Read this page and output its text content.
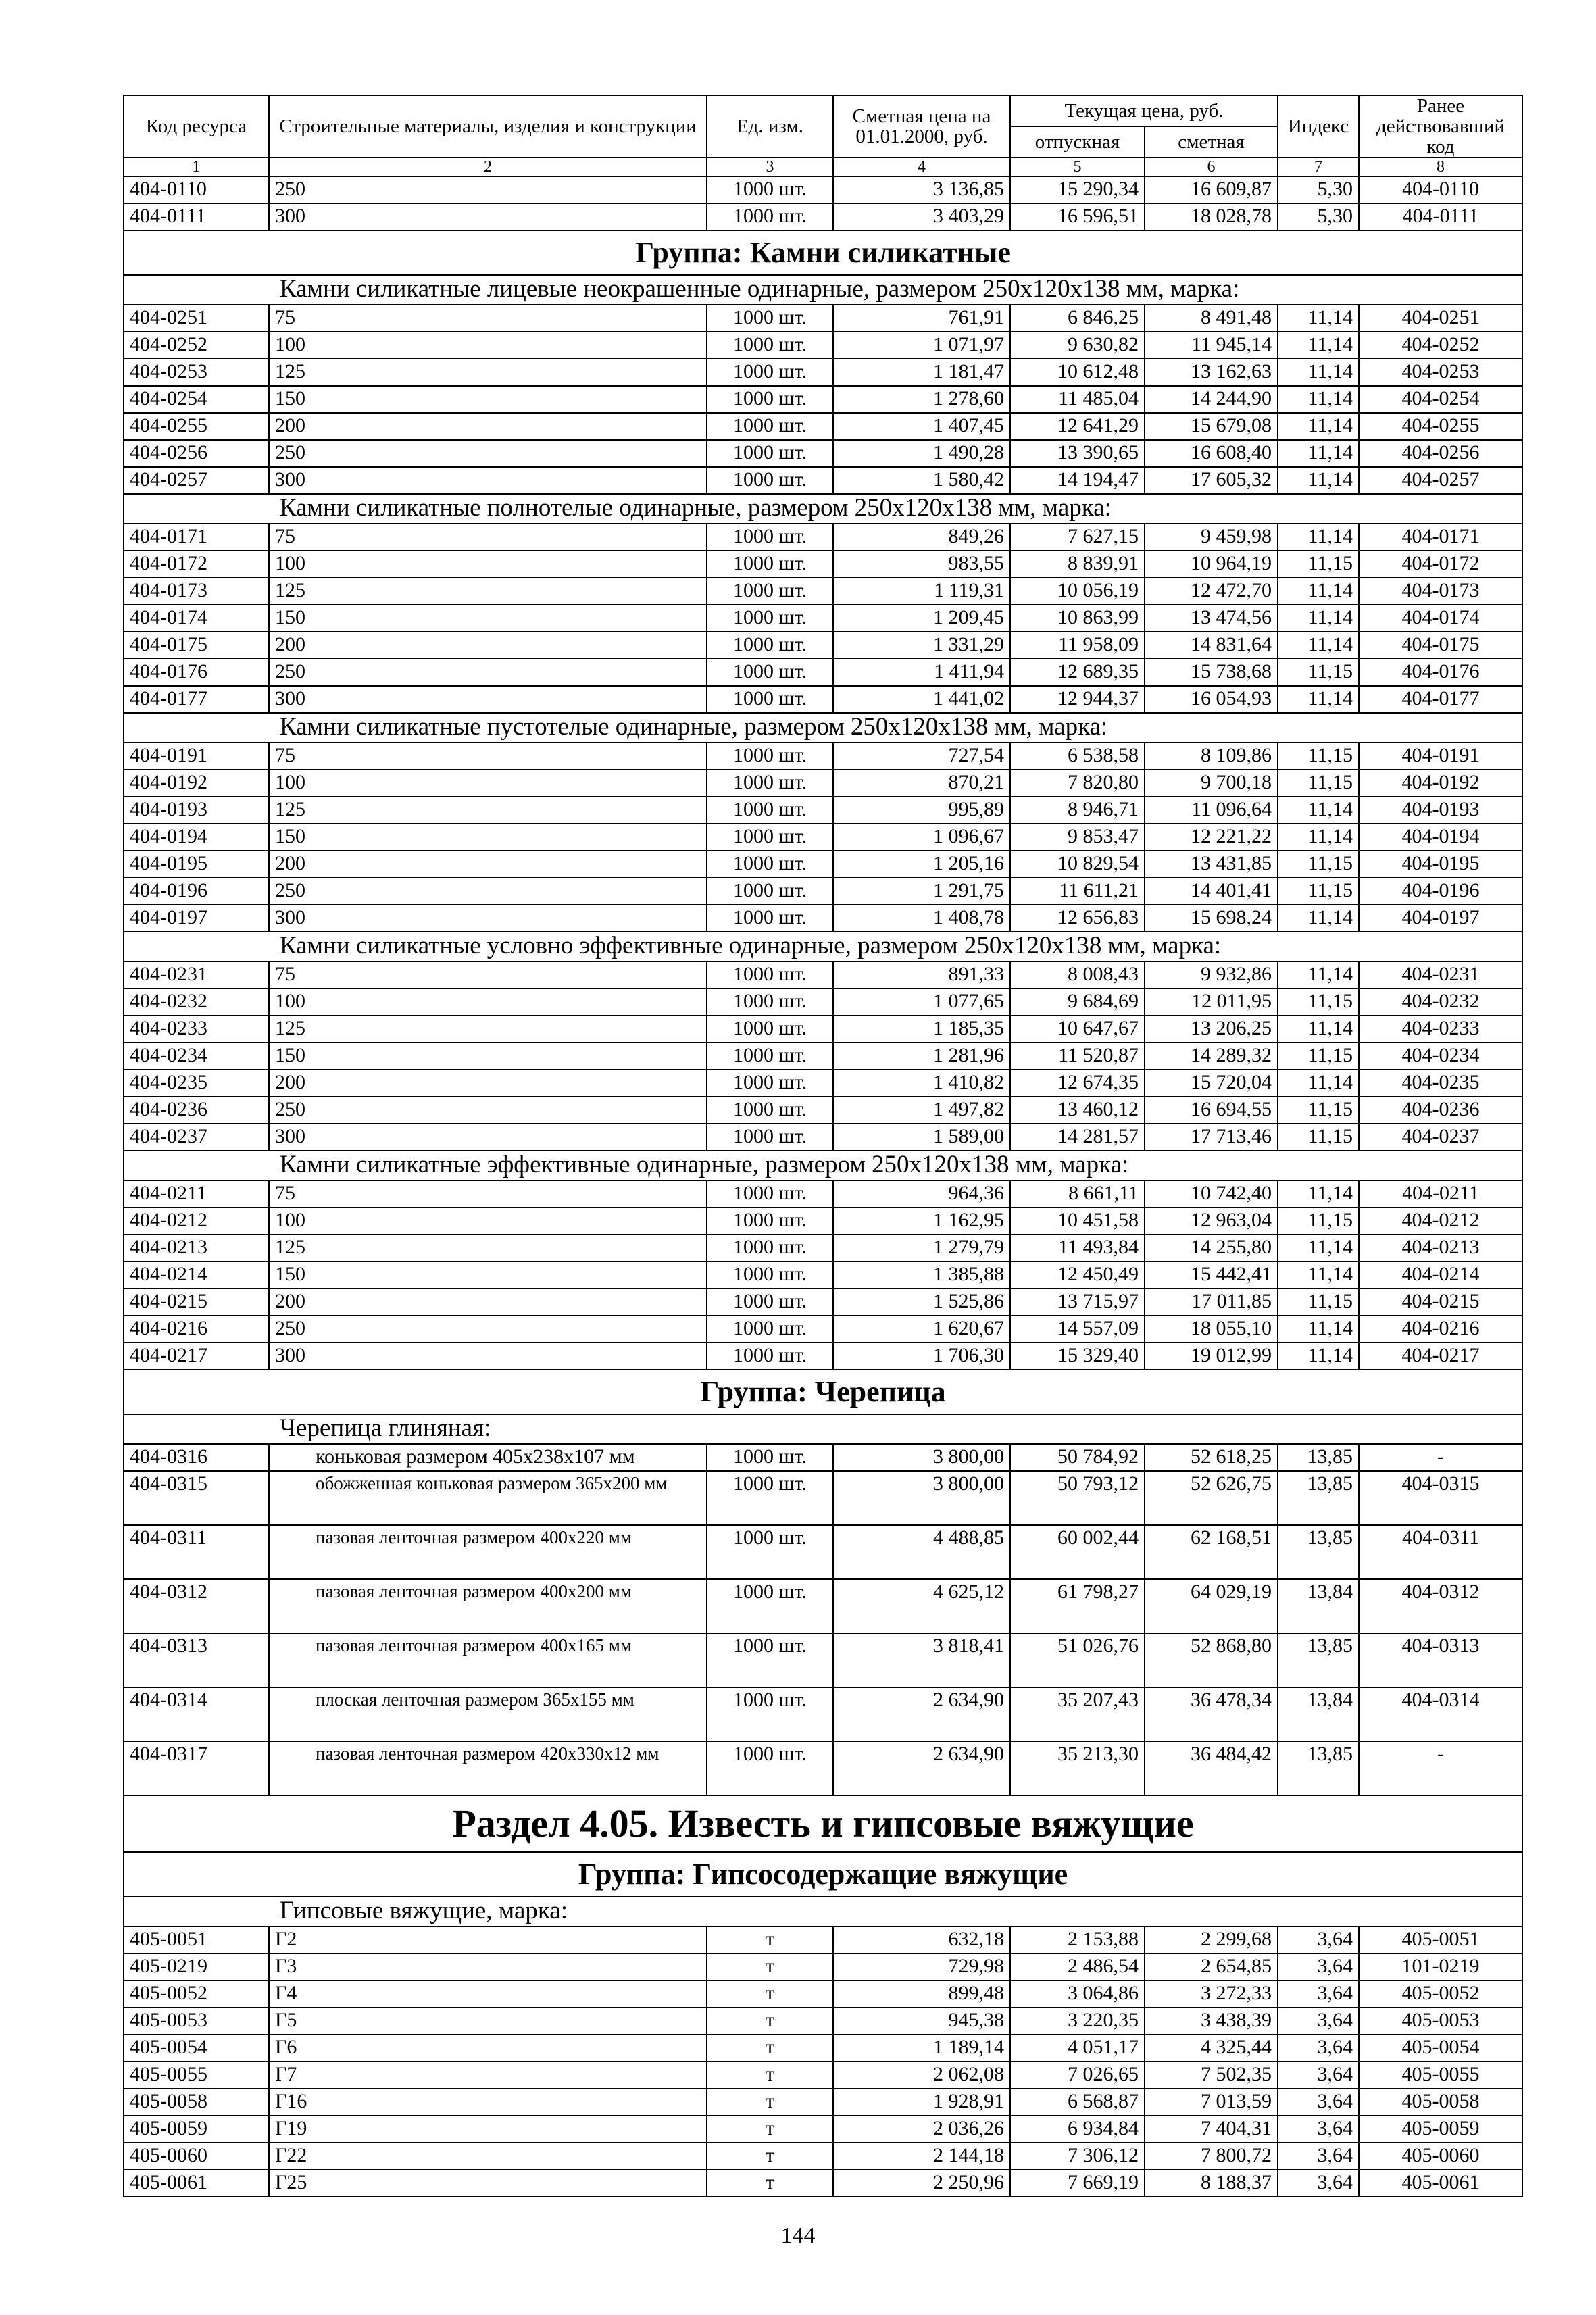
Код ресурса	Строительные материалы, изделия и конструкции	Ед. изм.	Сметная цена на 01.01.2000, руб.	Текущая цена, руб.		Индекс	Ранее действовавший код
				отпускная	сметная		
1	2	3	4	5	6	7	8
404-0110	250	1000 шт.	3 136,85	15 290,34	16 609,87	5,30	404-0110
404-0111	300	1000 шт.	3 403,29	16 596,51	18 028,78	5,30	404-0111
Группа: Камни силикатные							
	Камни силикатные лицевые неокрашенные одинарные, размером 250х120х138 мм, марка:						
404-0251	75	1000 шт.	761,91	6 846,25	8 491,48	11,14	404-0251
404-0252	100	1000 шт.	1 071,97	9 630,82	11 945,14	11,14	404-0252
404-0253	125	1000 шт.	1 181,47	10 612,48	13 162,63	11,14	404-0253
404-0254	150	1000 шт.	1 278,60	11 485,04	14 244,90	11,14	404-0254
404-0255	200	1000 шт.	1 407,45	12 641,29	15 679,08	11,14	404-0255
404-0256	250	1000 шт.	1 490,28	13 390,65	16 608,40	11,14	404-0256
404-0257	300	1000 шт.	1 580,42	14 194,47	17 605,32	11,14	404-0257
	Камни силикатные полнотелые одинарные, размером 250х120х138 мм, марка:						
404-0171	75	1000 шт.	849,26	7 627,15	9 459,98	11,14	404-0171
404-0172	100	1000 шт.	983,55	8 839,91	10 964,19	11,15	404-0172
404-0173	125	1000 шт.	1 119,31	10 056,19	12 472,70	11,14	404-0173
404-0174	150	1000 шт.	1 209,45	10 863,99	13 474,56	11,14	404-0174
404-0175	200	1000 шт.	1 331,29	11 958,09	14 831,64	11,14	404-0175
404-0176	250	1000 шт.	1 411,94	12 689,35	15 738,68	11,15	404-0176
404-0177	300	1000 шт.	1 441,02	12 944,37	16 054,93	11,14	404-0177
	Камни силикатные пустотелые одинарные, размером 250х120х138 мм, марка:						
404-0191	75	1000 шт.	727,54	6 538,58	8 109,86	11,15	404-0191
404-0192	100	1000 шт.	870,21	7 820,80	9 700,18	11,15	404-0192
404-0193	125	1000 шт.	995,89	8 946,71	11 096,64	11,14	404-0193
404-0194	150	1000 шт.	1 096,67	9 853,47	12 221,22	11,14	404-0194
404-0195	200	1000 шт.	1 205,16	10 829,54	13 431,85	11,15	404-0195
404-0196	250	1000 шт.	1 291,75	11 611,21	14 401,41	11,15	404-0196
404-0197	300	1000 шт.	1 408,78	12 656,83	15 698,24	11,14	404-0197
	Камни силикатные условно эффективные одинарные, размером 250х120х138 мм, марка:						
404-0231	75	1000 шт.	891,33	8 008,43	9 932,86	11,14	404-0231
404-0232	100	1000 шт.	1 077,65	9 684,69	12 011,95	11,15	404-0232
404-0233	125	1000 шт.	1 185,35	10 647,67	13 206,25	11,14	404-0233
404-0234	150	1000 шт.	1 281,96	11 520,87	14 289,32	11,15	404-0234
404-0235	200	1000 шт.	1 410,82	12 674,35	15 720,04	11,14	404-0235
404-0236	250	1000 шт.	1 497,82	13 460,12	16 694,55	11,15	404-0236
404-0237	300	1000 шт.	1 589,00	14 281,57	17 713,46	11,15	404-0237
	Камни силикатные эффективные одинарные, размером 250х120х138 мм, марка:						
404-0211	75	1000 шт.	964,36	8 661,11	10 742,40	11,14	404-0211
404-0212	100	1000 шт.	1 162,95	10 451,58	12 963,04	11,15	404-0212
404-0213	125	1000 шт.	1 279,79	11 493,84	14 255,80	11,14	404-0213
404-0214	150	1000 шт.	1 385,88	12 450,49	15 442,41	11,14	404-0214
404-0215	200	1000 шт.	1 525,86	13 715,97	17 011,85	11,15	404-0215
404-0216	250	1000 шт.	1 620,67	14 557,09	18 055,10	11,14	404-0216
404-0217	300	1000 шт.	1 706,30	15 329,40	19 012,99	11,14	404-0217
Группа: Черепица							
	Черепица глиняная:						
404-0316	коньковая размером 405х238х107 мм	1000 шт.	3 800,00	50 784,92	52 618,25	13,85	-
404-0315	обожженная коньковая размером 365х200 мм	1000 шт.	3 800,00	50 793,12	52 626,75	13,85	404-0315
404-0311	пазовая ленточная размером 400х220 мм	1000 шт.	4 488,85	60 002,44	62 168,51	13,85	404-0311
404-0312	пазовая ленточная размером 400х200 мм	1000 шт.	4 625,12	61 798,27	64 029,19	13,84	404-0312
404-0313	пазовая ленточная размером 400х165 мм	1000 шт.	3 818,41	51 026,76	52 868,80	13,85	404-0313
404-0314	плоская ленточная размером 365х155 мм	1000 шт.	2 634,90	35 207,43	36 478,34	13,84	404-0314
404-0317	пазовая ленточная размером 420х330х12 мм	1000 шт.	2 634,90	35 213,30	36 484,42	13,85	-
Раздел 4.05. Известь и гипсовые вяжущие							
Группа: Гипсосодержащие вяжущие							
	Гипсовые вяжущие, марка:						
405-0051	Г2	т	632,18	2 153,88	2 299,68	3,64	405-0051
405-0219	Г3	т	729,98	2 486,54	2 654,85	3,64	101-0219
405-0052	Г4	т	899,48	3 064,86	3 272,33	3,64	405-0052
405-0053	Г5	т	945,38	3 220,35	3 438,39	3,64	405-0053
405-0054	Г6	т	1 189,14	4 051,17	4 325,44	3,64	405-0054
405-0055	Г7	т	2 062,08	7 026,65	7 502,35	3,64	405-0055
405-0058	Г16	т	1 928,91	6 568,87	7 013,59	3,64	405-0058
405-0059	Г19	т	2 036,26	6 934,84	7 404,31	3,64	405-0059
405-0060	Г22	т	2 144,18	7 306,12	7 800,72	3,64	405-0060
405-0061	Г25	т	2 250,96	7 669,19	8 188,37	3,64	405-0061
144
